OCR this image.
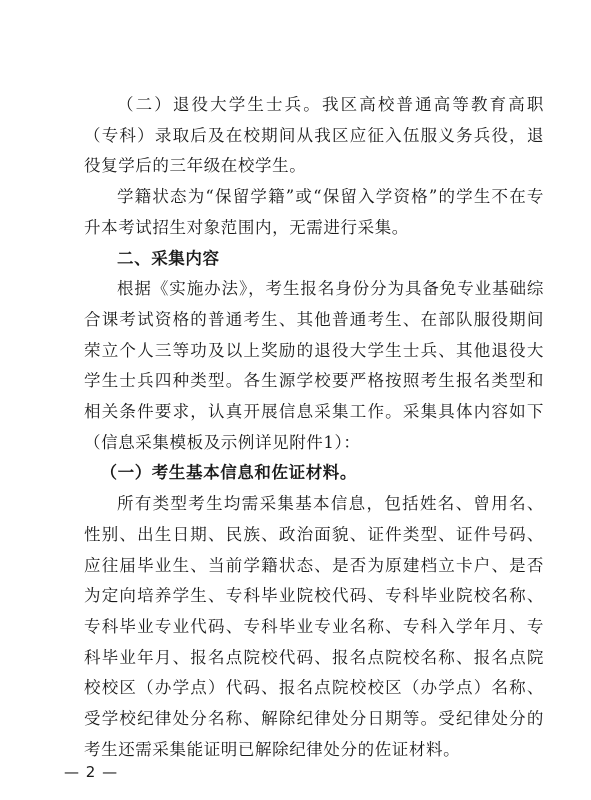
（二）退役大学生士兵。我区高校普通高等教育高职（专科）录取后及在校期间从我区应征入伍服义务兵役，退役复学后的三年级在校学生。

学籍状态为“保留学籍”或“保留入学资格”的学生不在专升本考试招生对象范围内，无需进行采集。

二、采集内容

根据《实施办法》，考生报名身份分为具备免专业基础综合课考试资格的普通考生、其他普通考生、在部队服役期间荣立个人三等功及以上奖励的退役大学生士兵、其他退役大学生士兵四种类型。各生源学校要严格按照考生报名类型和相关条件要求，认真开展信息采集工作。采集具体内容如下（信息采集模板及示例详见附件1）：

（一）考生基本信息和佐证材料。

所有类型考生均需采集基本信息，包括姓名、曾用名、性别、出生日期、民族、政治面貌、证件类型、证件号码、应往届毕业生、当前学籍状态、是否为原建档立卡户、是否为定向培养学生、专科毕业院校代码、专科毕业院校名称、专科毕业专业代码、专科毕业专业名称、专科入学年月、专科毕业年月、报名点院校代码、报名点院校名称、报名点院校校区（办学点）代码、报名点院校校区（办学点）名称、受学校纪律处分名称、解除纪律处分日期等。受纪律处分的考生还需采集能证明已解除纪律处分的佐证材料。

— 2 —
